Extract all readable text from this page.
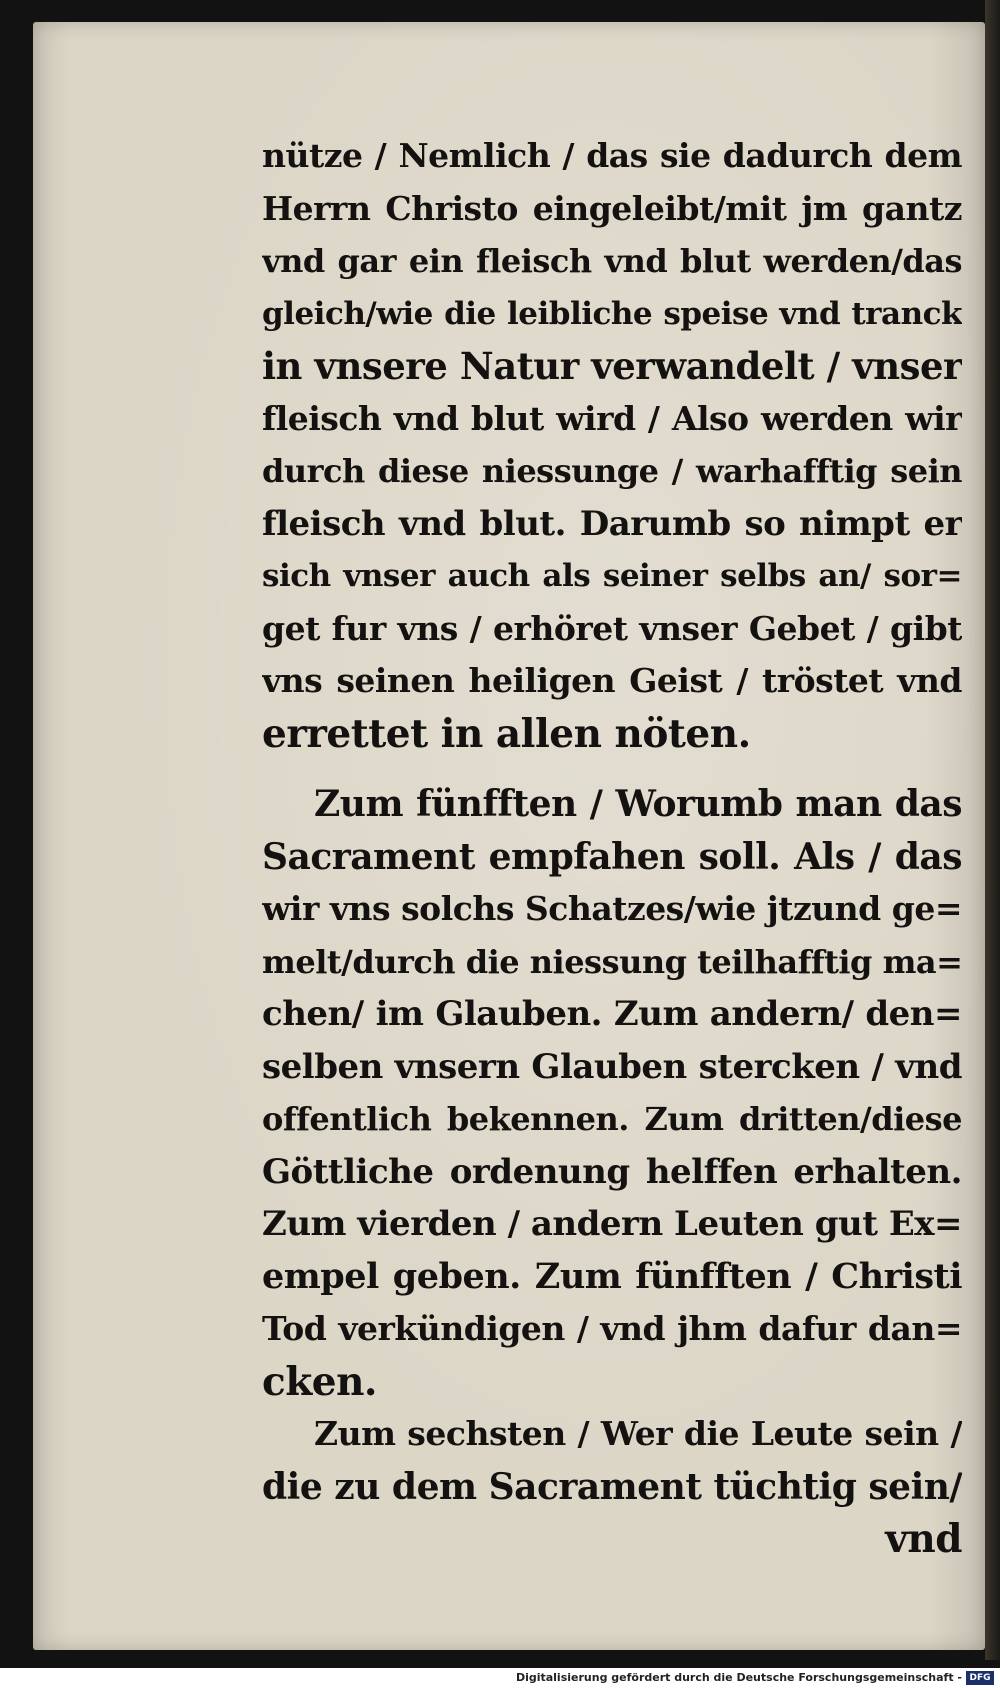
nütze / Nemlich / das sie dadurch dem
Herrn Christo eingeleibt/mit jm gantz
vnd gar ein fleisch vnd blut werden/das
gleich/wie die leibliche speise vnd tranck
in vnsere Natur verwandelt / vnser
fleisch vnd blut wird / Also werden wir
durch diese niessunge / warhafftig sein
fleisch vnd blut. Darumb so nimpt er
sich vnser auch als seiner selbs an/ sor=
get fur vns / erhöret vnser Gebet / gibt
vns seinen heiligen Geist / tröstet vnd
errettet in allen nöten.
Zum fünfften / Worumb man das
Sacrament empfahen soll. Als / das
wir vns solchs Schatzes/wie jtzund ge=
melt/durch die niessung teilhafftig ma=
chen/ im Glauben. Zum andern/ den=
selben vnsern Glauben stercken / vnd
offentlich bekennen. Zum dritten/diese
Göttliche ordenung helffen erhalten.
Zum vierden / andern Leuten gut Ex=
empel geben. Zum fünfften / Christi
Tod verkündigen / vnd jhm dafur dan=
cken.
Zum sechsten / Wer die Leute sein /
die zu dem Sacrament tüchtig sein/
vnd
Digitalisierung gefördert durch die Deutsche Forschungsgemeinschaft - DFG
